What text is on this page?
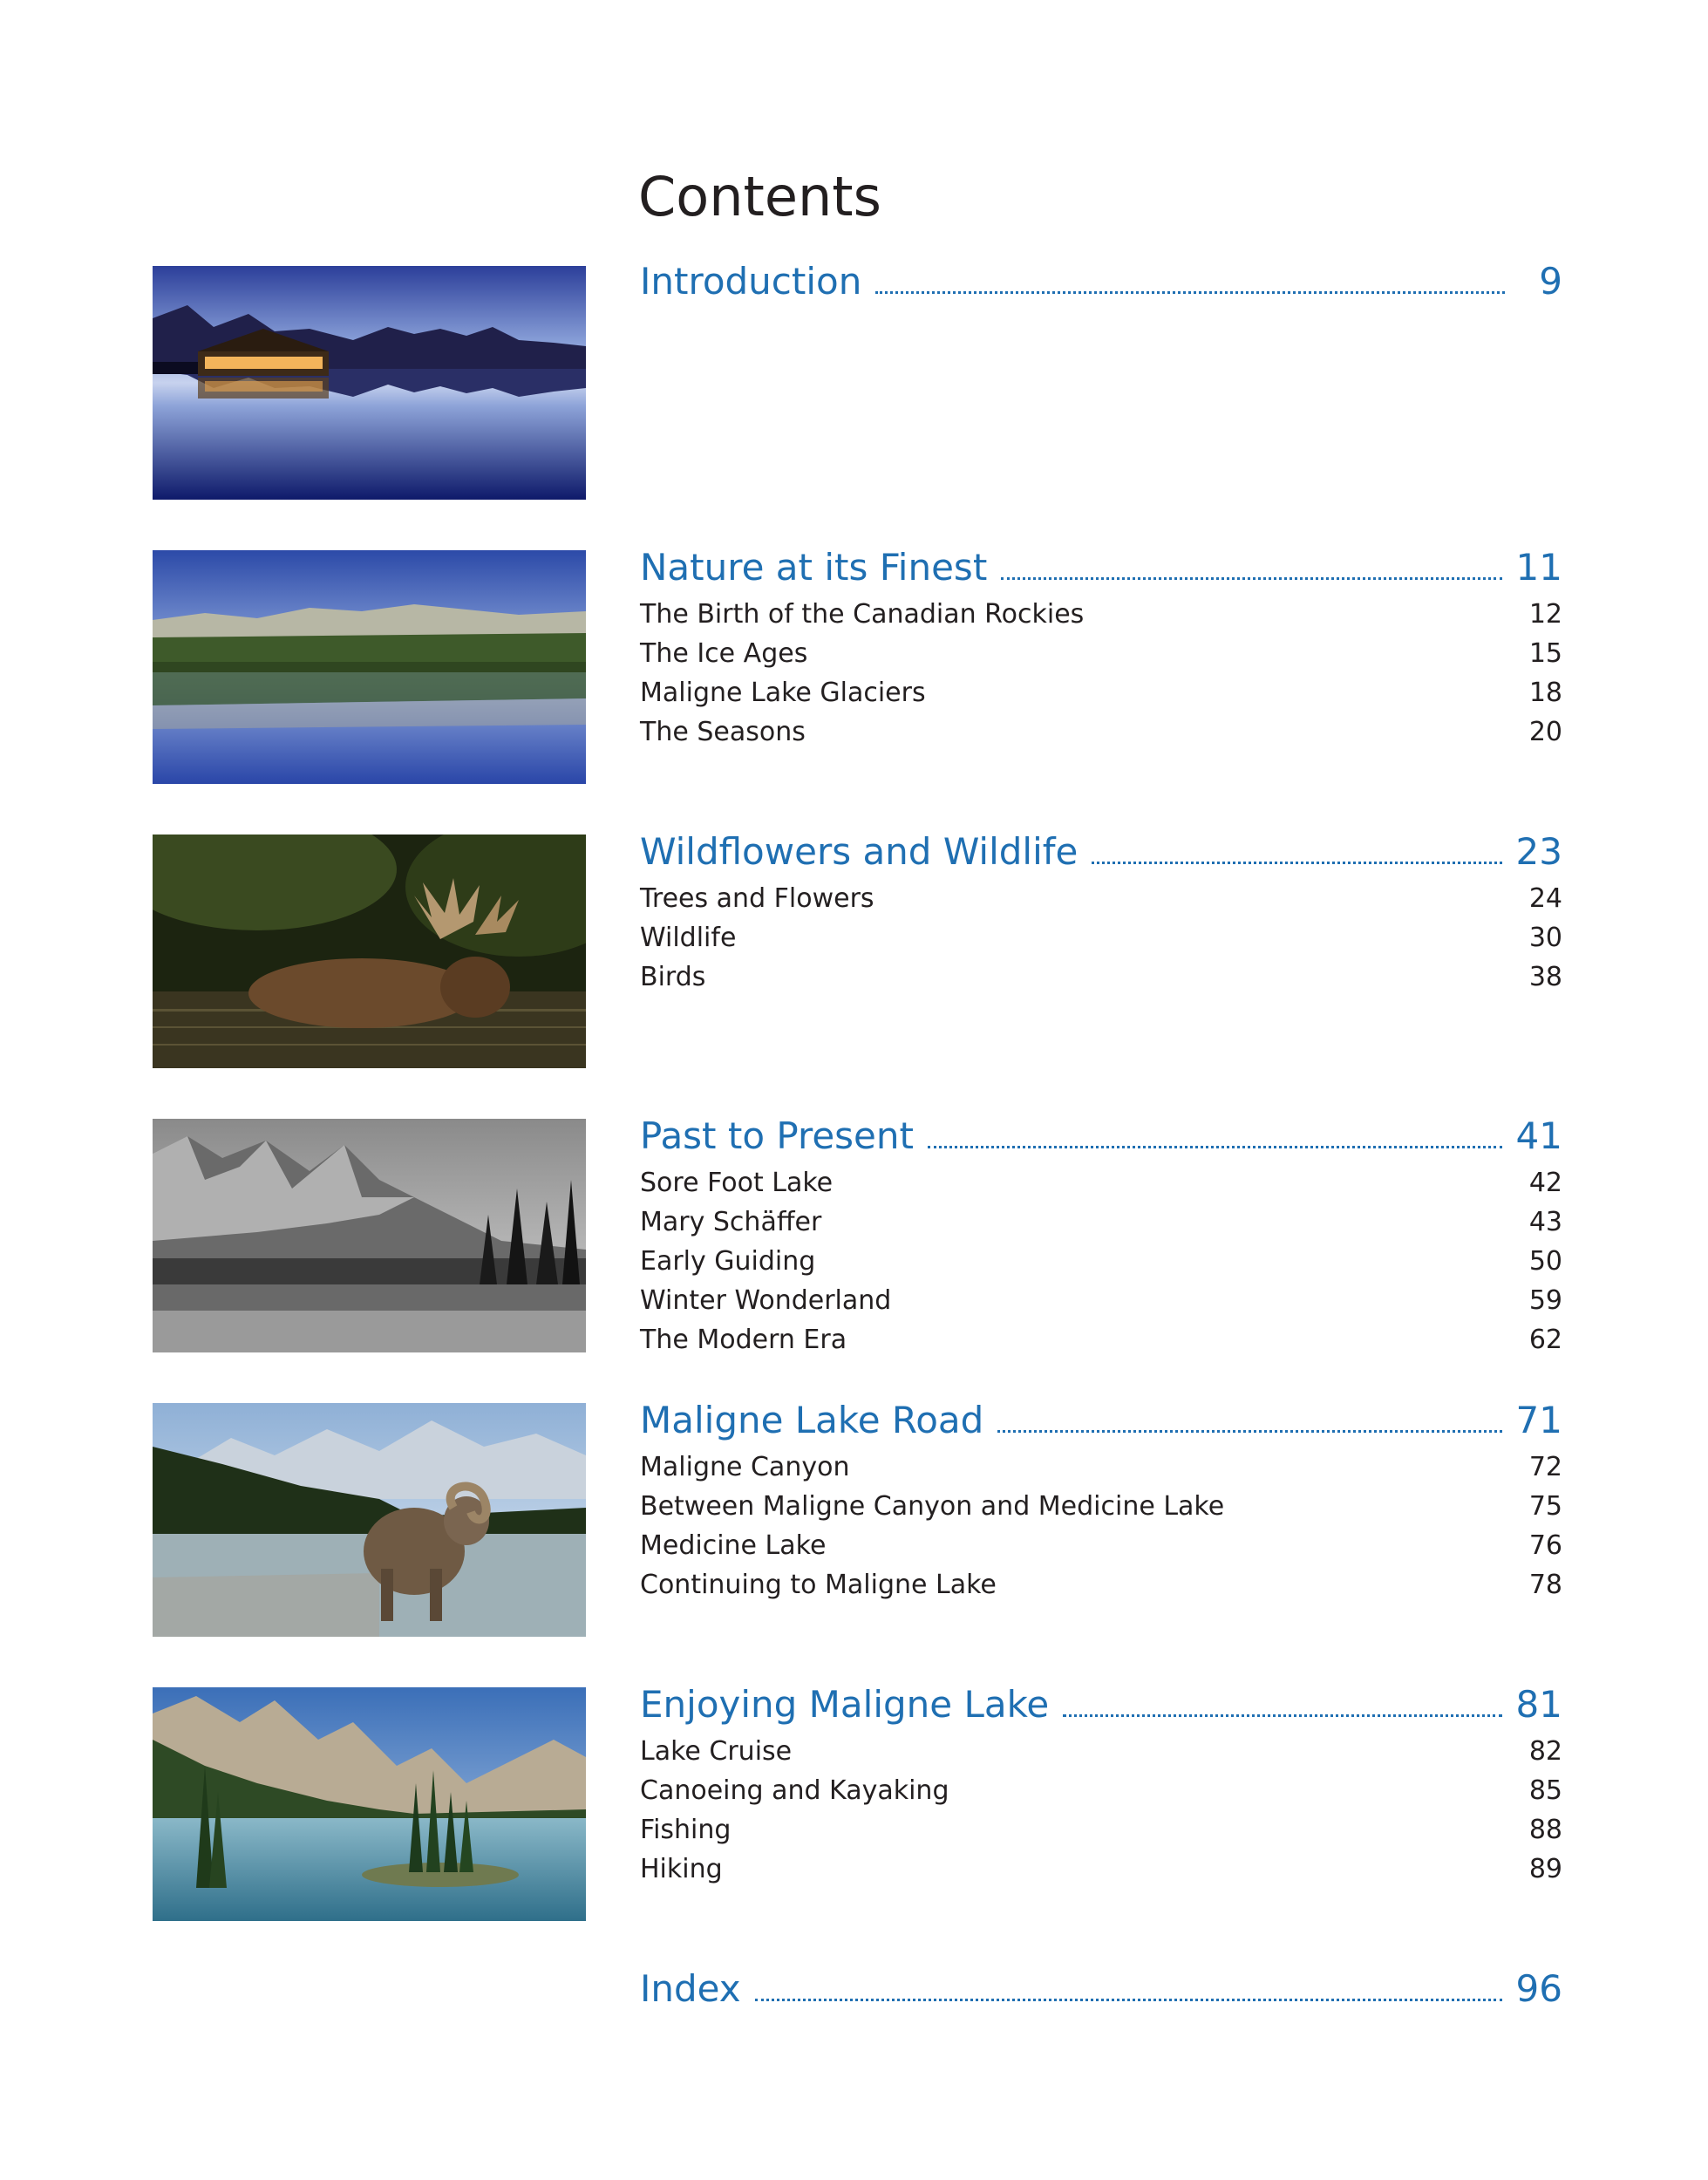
Contents
Introduction	9
Nature at its Finest	11
The Birth of the Canadian Rockies	12
The Ice Ages	15
Maligne Lake Glaciers	18
The Seasons	20
Wildflowers and Wildlife	23
Trees and Flowers	24
Wildlife	30
Birds	38
Past to Present	41
Sore Foot Lake	42
Mary Schäffer	43
Early Guiding	50
Winter Wonderland	59
The Modern Era	62
Maligne Lake Road	71
Maligne Canyon	72
Between Maligne Canyon and Medicine Lake	75
Medicine Lake	76
Continuing to Maligne Lake	78
Enjoying Maligne Lake	81
Lake Cruise	82
Canoeing and Kayaking	85
Fishing	88
Hiking	89
Index	96
